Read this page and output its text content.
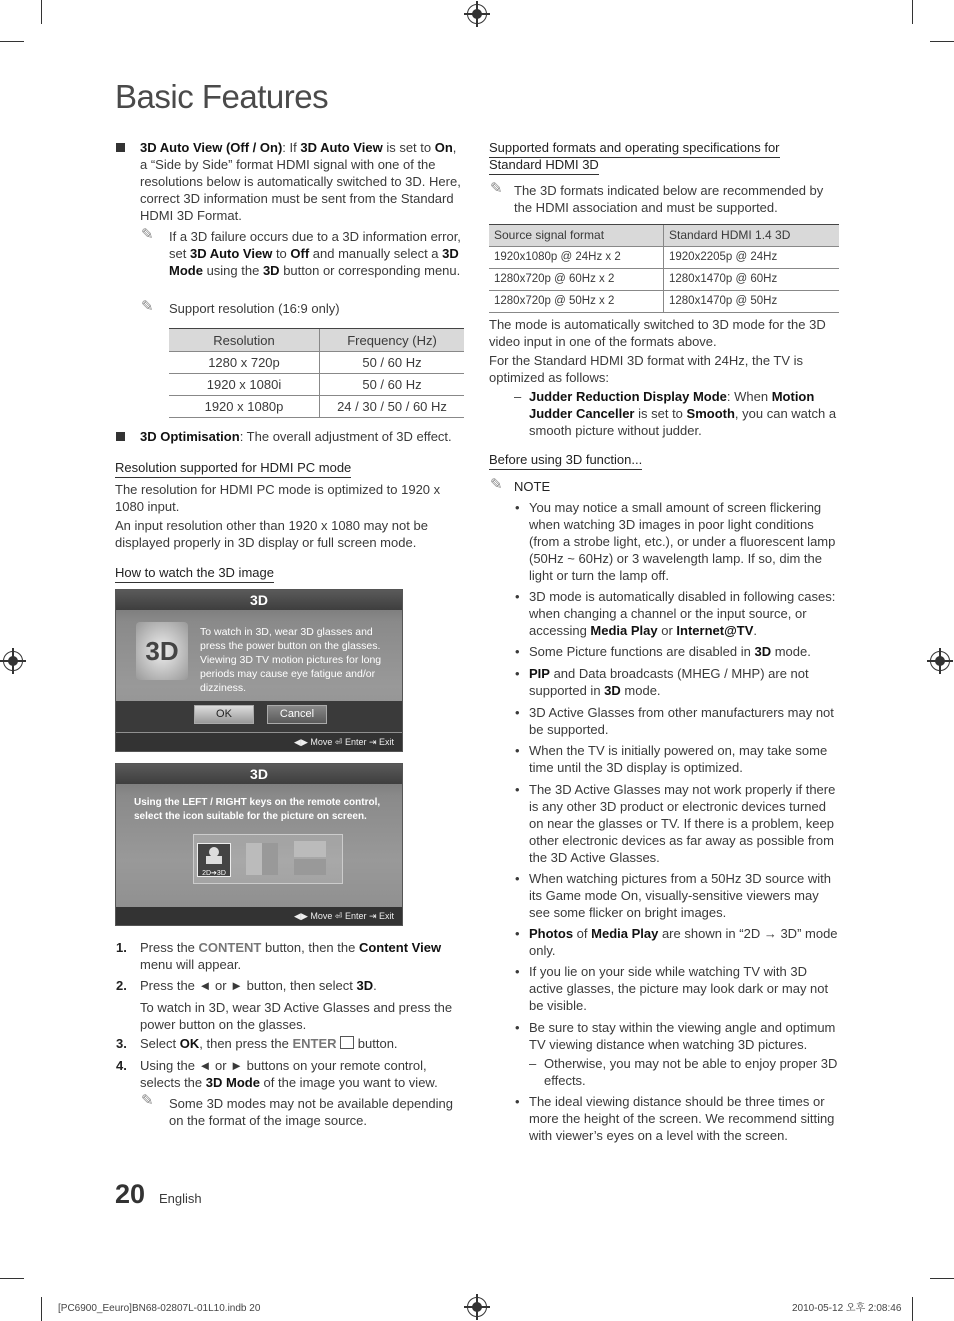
Basic Features
3D Auto View (Off / On): If 3D Auto View is set to On, a “Side by Side” format HDMI signal with one of the resolutions below is automatically switched to 3D. Here, correct 3D information must be sent from the Standard HDMI 3D Format.
✎ If a 3D failure occurs due to a 3D information error, set 3D Auto View to Off and manually select a 3D Mode using the 3D button or corresponding menu.
✎ Support resolution (16:9 only)
Resolution	Frequency (Hz)
1280 x 720p	50 / 60 Hz
1920 x 1080i	50 / 60 Hz
1920 x 1080p	24 / 30 / 50 / 60 Hz
3D Optimisation: The overall adjustment of 3D effect.
Resolution supported for HDMI PC mode
The resolution for HDMI PC mode is optimized to 1920 x 1080 input.
An input resolution other than 1920 x 1080 may not be displayed properly in 3D display or full screen mode.
How to watch the 3D image
3D
3D
To watch in 3D, wear 3D glasses and press the power button on the glasses. Viewing 3D TV motion pictures for long periods may cause eye fatigue and/or dizziness.
OK	Cancel
◀▶ Move ⏎ Enter ⇥ Exit
3D
Using the LEFT / RIGHT keys on the remote control, select the icon suitable for the picture on screen.
2D➔3D
◀▶ Move ⏎ Enter ⇥ Exit
1. Press the CONTENT button, then the Content View menu will appear.
2. Press the ◄ or ► button, then select 3D.
To watch in 3D, wear 3D Active Glasses and press the power button on the glasses.
3. Select OK, then press the ENTER  button.
4. Using the ◄ or ► buttons on your remote control, selects the 3D Mode of the image you want to view.
✎ Some 3D modes may not be available depending on the format of the image source.
20 English
[PC6900_Eeuro]BN68-02807L-01L10.indb 20	2010-05-12 오후 2:08:46
Supported formats and operating specifications for Standard HDMI 3D
✎ The 3D formats indicated below are recommended by the HDMI association and must be supported.
Source signal format	Standard HDMI 1.4 3D
1920x1080p @ 24Hz x 2	1920x2205p @ 24Hz
1280x720p @ 60Hz x 2	1280x1470p @ 60Hz
1280x720p @ 50Hz x 2	1280x1470p @ 50Hz
The mode is automatically switched to 3D mode for the 3D video input in one of the formats above.
For the Standard HDMI 3D format with 24Hz, the TV is optimized as follows:
– Judder Reduction Display Mode: When Motion Judder Canceller is set to Smooth, you can watch a smooth picture without judder.
Before using 3D function...
✎ NOTE
• You may notice a small amount of screen flickering when watching 3D images in poor light conditions (from a strobe light, etc.), or under a fluorescent lamp (50Hz ~ 60Hz) or 3 wavelength lamp. If so, dim the light or turn the lamp off.
• 3D mode is automatically disabled in following cases: when changing a channel or the input source, or accessing Media Play or Internet@TV.
• Some Picture functions are disabled in 3D mode.
• PIP and Data broadcasts (MHEG / MHP) are not supported in 3D mode.
• 3D Active Glasses from other manufacturers may not be supported.
• When the TV is initially powered on, may take some time until the 3D display is optimized.
• The 3D Active Glasses may not work properly if there is any other 3D product or electronic devices turned on near the glasses or TV. If there is a problem, keep other electronic devices as far away as possible from the 3D Active Glasses.
• When watching pictures from a 50Hz 3D source with its Game mode On, visually-sensitive viewers may see some flicker on bright images.
• Photos of Media Play are shown in “2D → 3D” mode only.
• If you lie on your side while watching TV with 3D active glasses, the picture may look dark or may not be visible.
• Be sure to stay within the viewing angle and optimum TV viewing distance when watching 3D pictures.
– Otherwise, you may not be able to enjoy proper 3D effects.
• The ideal viewing distance should be three times or more the height of the screen. We recommend sitting with viewer’s eyes on a level with the screen.
